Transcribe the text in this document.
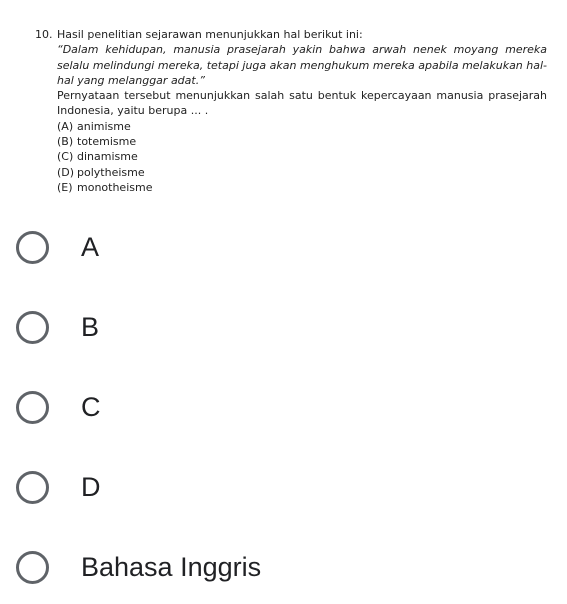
10. Hasil penelitian sejarawan menunjukkan hal berikut ini:
“Dalam kehidupan, manusia prasejarah yakin bahwa arwah nenek moyang mereka selalu melindungi mereka, tetapi juga akan menghukum mereka apabila melakukan hal-hal yang melanggar adat.”
Pernyataan tersebut menunjukkan salah satu bentuk kepercayaan manusia prasejarah Indonesia, yaitu berupa ... .
(A) animisme
(B) totemisme
(C) dinamisme
(D) polytheisme
(E) monotheisme
A
B
C
D
Bahasa Inggris
